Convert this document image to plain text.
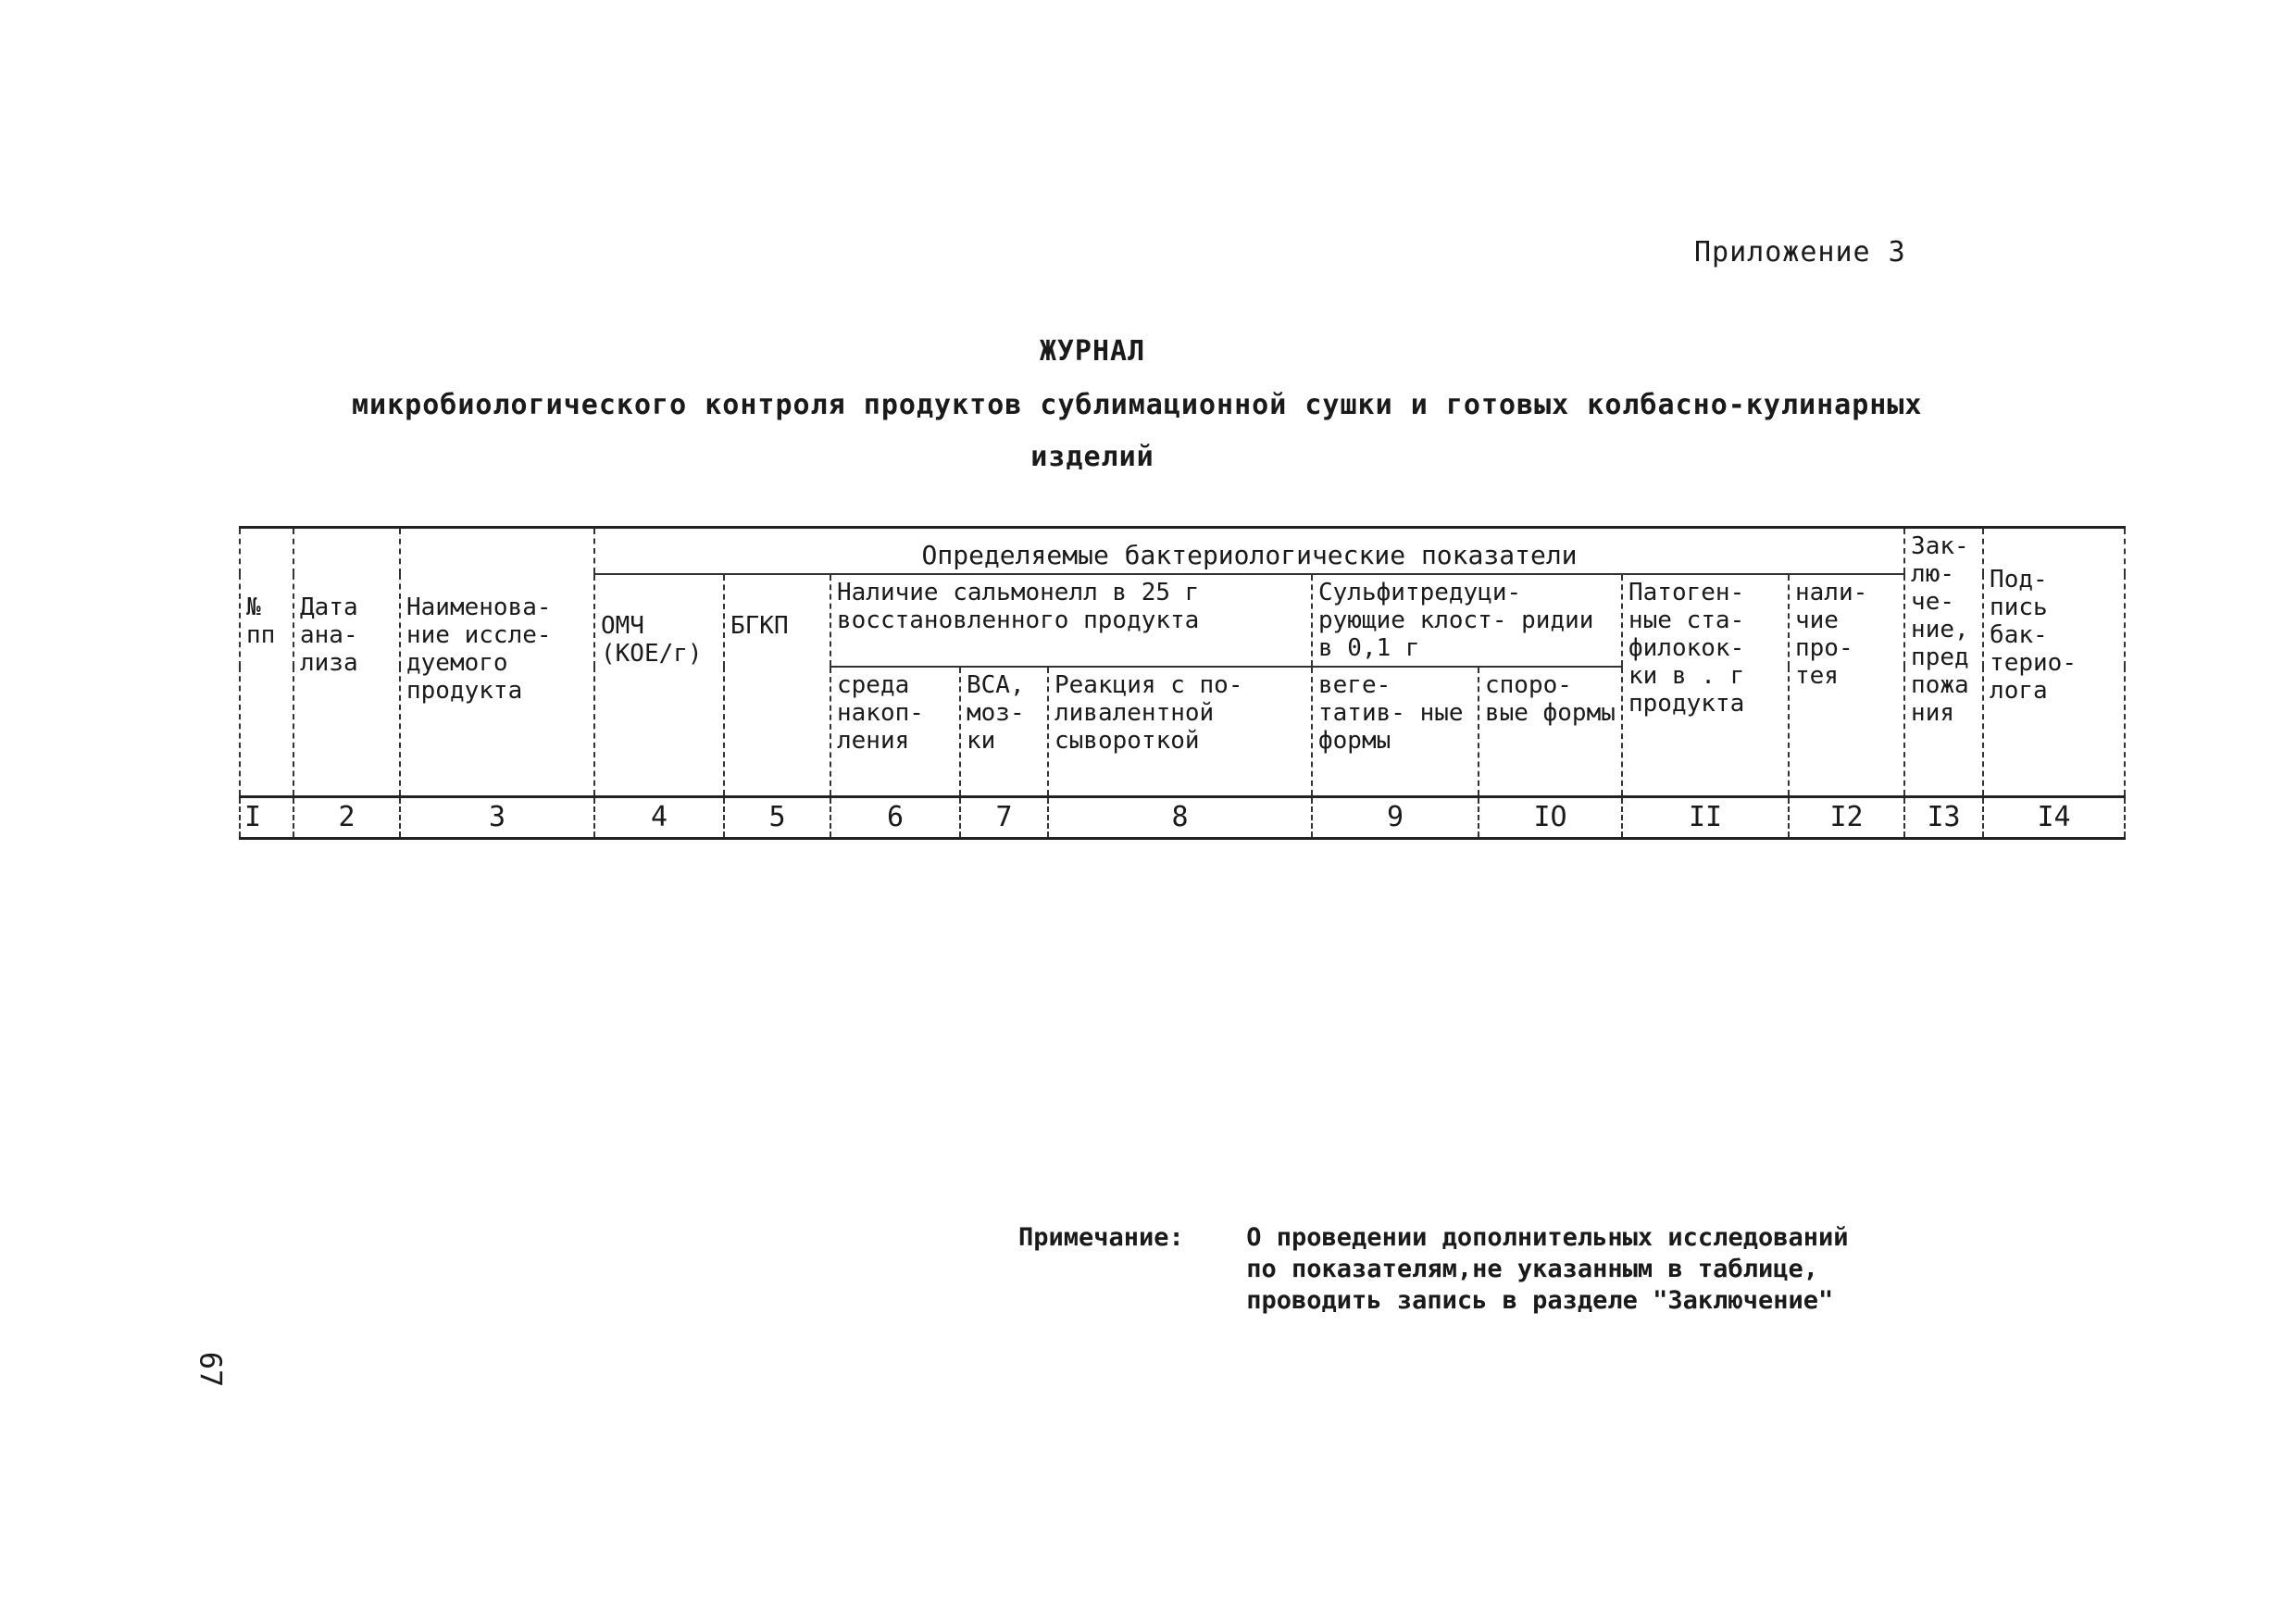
Приложение 3
ЖУРНАЛ
микробиологического контроля продуктов сублимационной сушки и готовых колбасно-кулинарных
изделий
№ пп	Дата ана- лиза	Наименова- ние иссле- дуемого продукта	Определяемые бактериологические показатели									Зак- лю- че- ние, пред пожа ния	Под- пись бак- терио- лога
			ОМЧ (КОЕ/г)	БГКП	Наличие сальмонелл в 25 г восстановленного продукта			Сульфитредуци- рующие клост- ридии в 0,1 г		Патоген- ные ста- филокок- ки в . г продукта	нали- чие про- тея		
					среда накоп- ления	ВСА, моз- ки	Реакция с по- ливалентной сывороткой	веге- татив- ные формы	споро- вые формы				
I	2	3	4	5	6	7	8	9	IO	II	I2	I3	I4
Примечание: О проведении дополнительных исследований
по показателям,не указанным в таблице,
проводить запись в разделе "Заключение"
67
